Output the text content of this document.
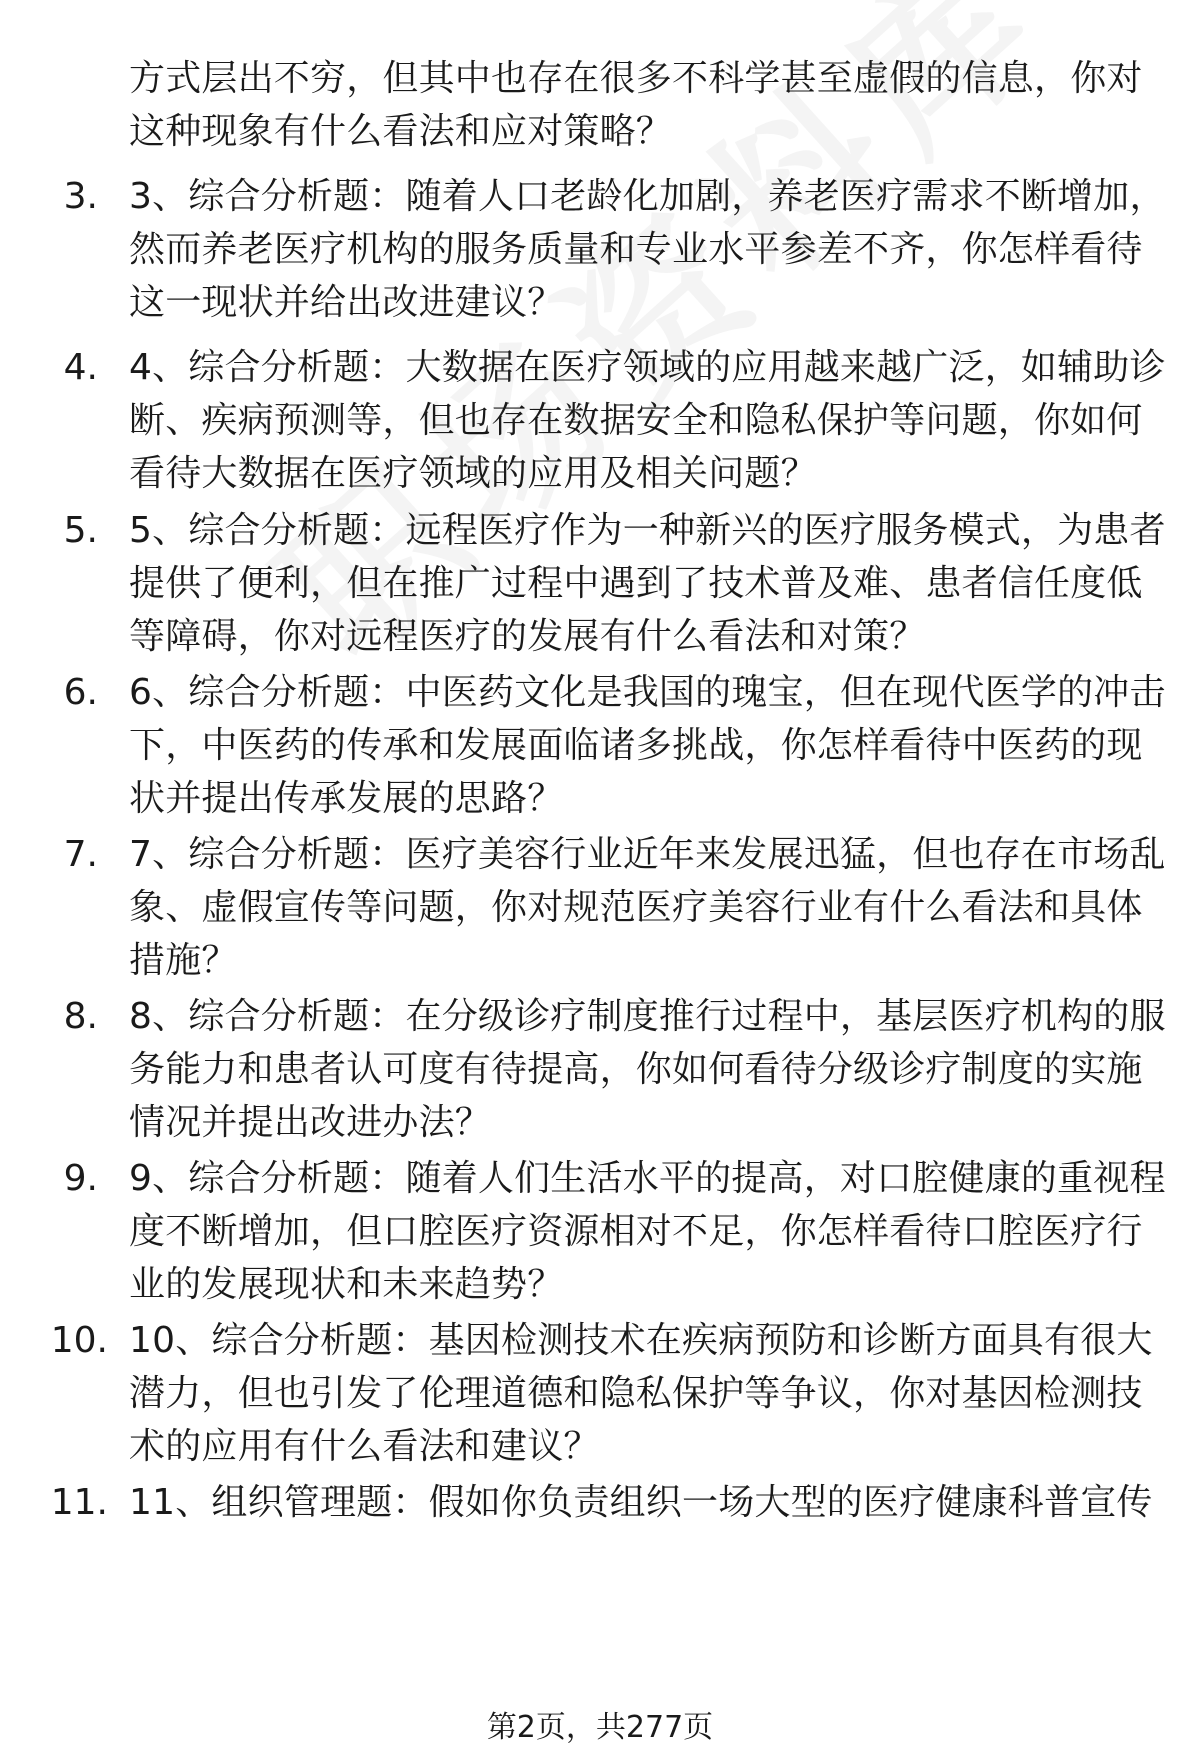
方式层出不穷，但其中也存在很多不科学甚至虚假的信息，你对这种现象有什么看法和应对策略？
3. 3、综合分析题：随着人口老龄化加剧，养老医疗需求不断增加，然而养老医疗机构的服务质量和专业水平参差不齐，你怎样看待这一现状并给出改进建议？
4. 4、综合分析题：大数据在医疗领域的应用越来越广泛，如辅助诊断、疾病预测等，但也存在数据安全和隐私保护等问题，你如何看待大数据在医疗领域的应用及相关问题？
5. 5、综合分析题：远程医疗作为一种新兴的医疗服务模式，为患者提供了便利，但在推广过程中遇到了技术普及难、患者信任度低等障碍，你对远程医疗的发展有什么看法和对策？
6. 6、综合分析题：中医药文化是我国的瑰宝，但在现代医学的冲击下，中医药的传承和发展面临诸多挑战，你怎样看待中医药的现状并提出传承发展的思路？
7. 7、综合分析题：医疗美容行业近年来发展迅猛，但也存在市场乱象、虚假宣传等问题，你对规范医疗美容行业有什么看法和具体措施？
8. 8、综合分析题：在分级诊疗制度推行过程中，基层医疗机构的服务能力和患者认可度有待提高，你如何看待分级诊疗制度的实施情况并提出改进办法？
9. 9、综合分析题：随着人们生活水平的提高，对口腔健康的重视程度不断增加，但口腔医疗资源相对不足，你怎样看待口腔医疗行业的发展现状和未来趋势？
10. 10、综合分析题：基因检测技术在疾病预防和诊断方面具有很大潜力，但也引发了伦理道德和隐私保护等争议，你对基因检测技术的应用有什么看法和建议？
11. 11、组织管理题：假如你负责组织一场大型的医疗健康科普宣传
第2页，共277页
